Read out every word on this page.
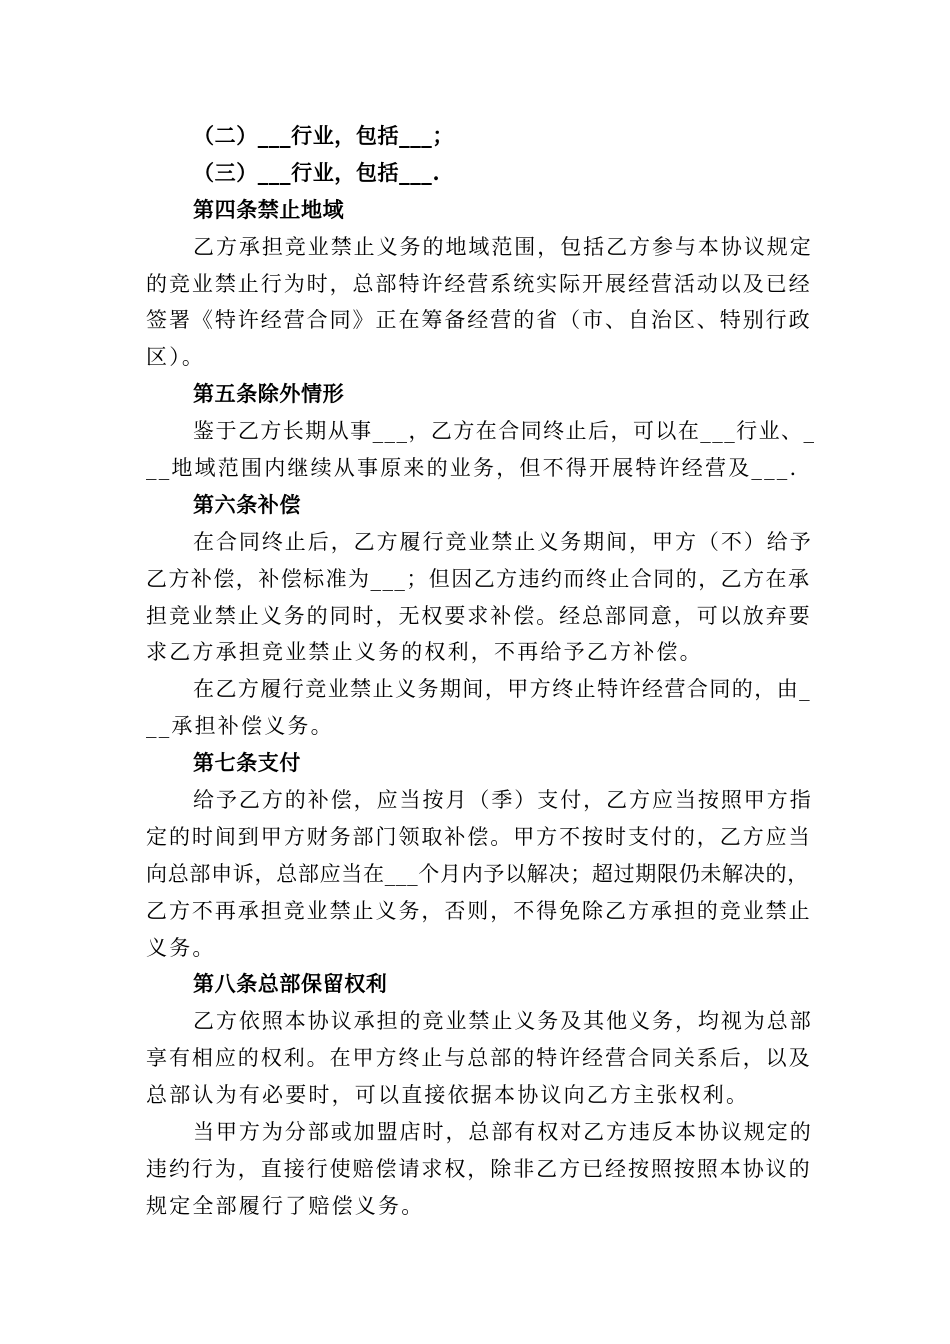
（二）___行业，包括___；
（三）___行业，包括___.
第四条禁止地域
乙方承担竞业禁止义务的地域范围，包括乙方参与本协议规定
的竞业禁止行为时，总部特许经营系统实际开展经营活动以及已经
签署《特许经营合同》正在筹备经营的省（市、自治区、特别行政
区）。
第五条除外情形
鉴于乙方长期从事___，乙方在合同终止后，可以在___行业、_
__地域范围内继续从事原来的业务，但不得开展特许经营及___.
第六条补偿
在合同终止后，乙方履行竞业禁止义务期间，甲方（不）给予
乙方补偿，补偿标准为___；但因乙方违约而终止合同的，乙方在承
担竞业禁止义务的同时，无权要求补偿。经总部同意，可以放弃要
求乙方承担竞业禁止义务的权利，不再给予乙方补偿。
在乙方履行竞业禁止义务期间，甲方终止特许经营合同的，由_
__承担补偿义务。
第七条支付
给予乙方的补偿，应当按月（季）支付，乙方应当按照甲方指
定的时间到甲方财务部门领取补偿。甲方不按时支付的，乙方应当
向总部申诉，总部应当在___个月内予以解决；超过期限仍未解决的，
乙方不再承担竞业禁止义务，否则，不得免除乙方承担的竞业禁止
义务。
第八条总部保留权利
乙方依照本协议承担的竞业禁止义务及其他义务，均视为总部
享有相应的权利。在甲方终止与总部的特许经营合同关系后，以及
总部认为有必要时，可以直接依据本协议向乙方主张权利。
当甲方为分部或加盟店时，总部有权对乙方违反本协议规定的
违约行为，直接行使赔偿请求权，除非乙方已经按照按照本协议的
规定全部履行了赔偿义务。
